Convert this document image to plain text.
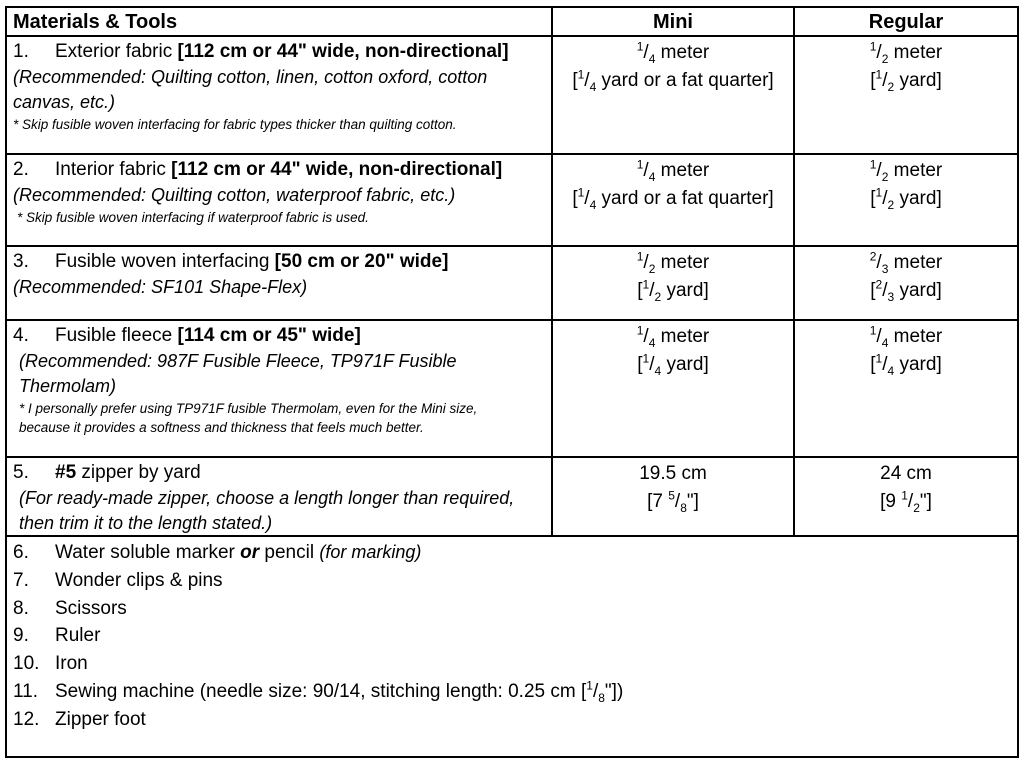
Materials & Tools	Mini	Regular
1. Exterior fabric [112 cm or 44" wide, non-directional]
(Recommended: Quilting cotton, linen, cotton oxford, cotton
canvas, etc.)
* Skip fusible woven interfacing for fabric types thicker than quilting cotton.
$^1/_4$ meter
[$^1/_4$ yard or a fat quarter]
$^1/_2$ meter
[$^1/_2$ yard]
2. Interior fabric [112 cm or 44" wide, non-directional]
(Recommended: Quilting cotton, waterproof fabric, etc.)
* Skip fusible woven interfacing if waterproof fabric is used.
$^1/_4$ meter
[$^1/_4$ yard or a fat quarter]
$^1/_2$ meter
[$^1/_2$ yard]
3. Fusible woven interfacing [50 cm or 20" wide]
(Recommended: SF101 Shape-Flex)
$^1/_2$ meter
[$^1/_2$ yard]
$^2/_3$ meter
[$^2/_3$ yard]
4. Fusible fleece [114 cm or 45" wide]
(Recommended: 987F Fusible Fleece, TP971F Fusible
Thermolam)
* I personally prefer using TP971F fusible Thermolam, even for the Mini size,
because it provides a softness and thickness that feels much better.
$^1/_4$ meter
[$^1/_4$ yard]
$^1/_4$ meter
[$^1/_4$ yard]
5. #5 zipper by yard
(For ready-made zipper, choose a length longer than required,
then trim it to the length stated.)
19.5 cm
[7 $^5/_8$"]
24 cm
[9 $^1/_2$"]
6. Water soluble marker or pencil (for marking)
7. Wonder clips & pins
8. Scissors
9. Ruler
10. Iron
11. Sewing machine (needle size: 90/14, stitching length: 0.25 cm $[^1/_8"]$)
12. Zipper foot
